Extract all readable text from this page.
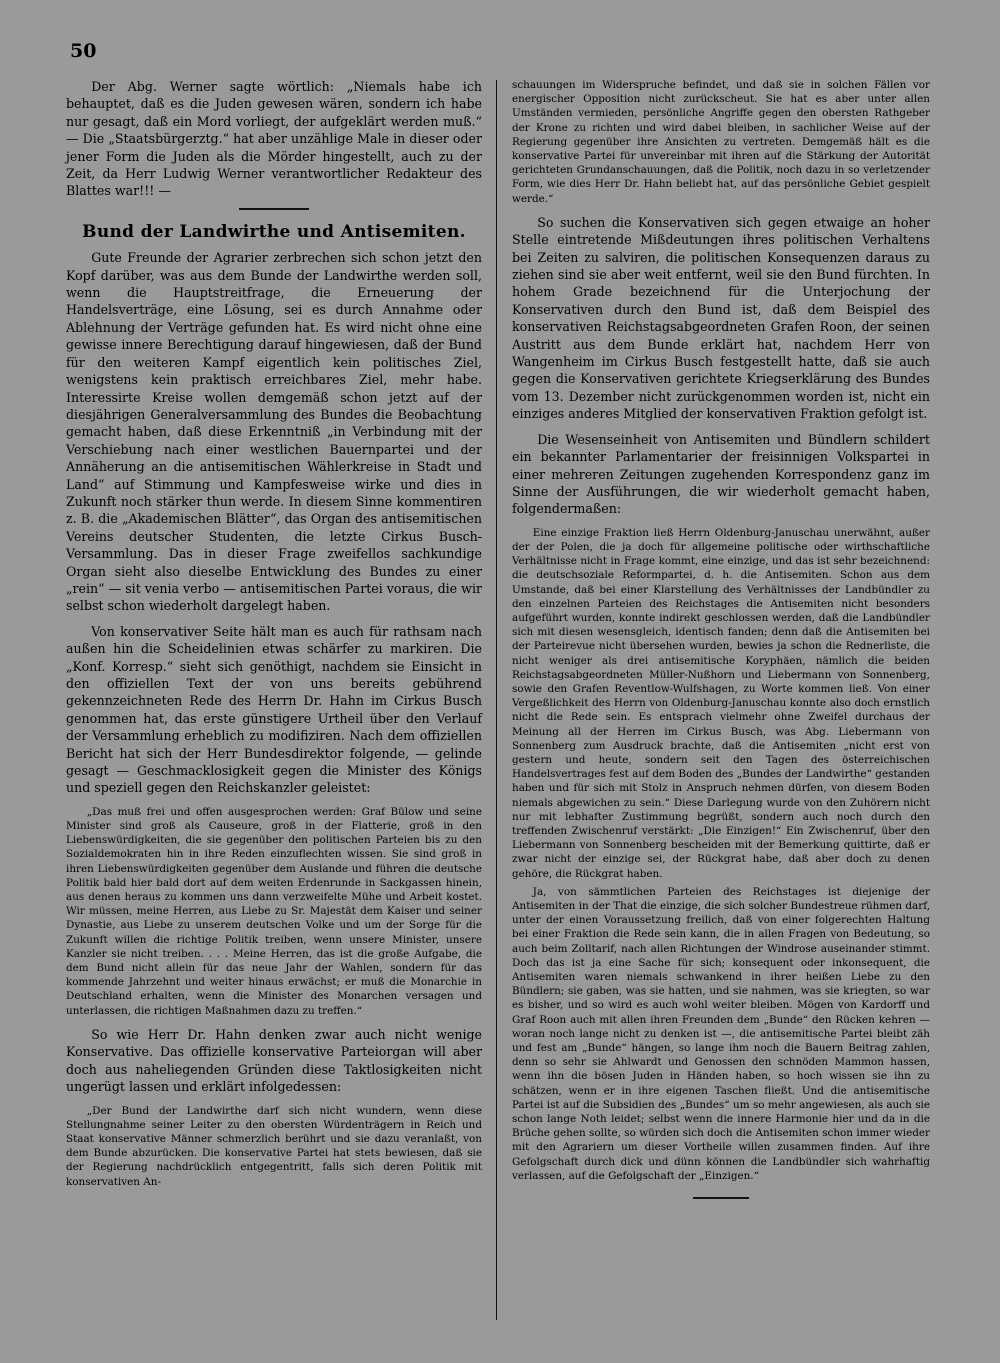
50

Der Abg. Werner sagte wörtlich: „Niemals habe ich behauptet, daß es die Juden gewesen wären, sondern ich habe nur gesagt, daß ein Mord vorliegt, der aufgeklärt werden muß.“ — Die „Staatsbürgerztg.“ hat aber unzählige Male in dieser oder jener Form die Juden als die Mörder hingestellt, auch zu der Zeit, da Herr Ludwig Werner verantwortlicher Redakteur des Blattes war!!! —

Bund der Landwirthe und Antisemiten.

Gute Freunde der Agrarier zerbrechen sich schon jetzt den Kopf darüber, was aus dem Bunde der Landwirthe werden soll, wenn die Hauptstreitfrage, die Erneuerung der Handelsverträge, eine Lösung, sei es durch Annahme oder Ablehnung der Verträge gefunden hat. Es wird nicht ohne eine gewisse innere Berechtigung darauf hingewiesen, daß der Bund für den weiteren Kampf eigentlich kein politisches Ziel, wenigstens kein praktisch erreichbares Ziel, mehr habe. Interessirte Kreise wollen demgemäß schon jetzt auf der diesjährigen Generalversammlung des Bundes die Beobachtung gemacht haben, daß diese Erkenntniß „in Verbindung mit der Verschiebung nach einer westlichen Bauernpartei und der Annäherung an die antisemitischen Wählerkreise in Stadt und Land“ auf Stimmung und Kampfesweise wirke und dies in Zukunft noch stärker thun werde. In diesem Sinne kommentiren z. B. die „Akademischen Blätter“, das Organ des antisemitischen Vereins deutscher Studenten, die letzte Cirkus Busch-Versammlung. Das in dieser Frage zweifellos sachkundige Organ sieht also dieselbe Entwicklung des Bundes zu einer „rein“ — sit venia verbo — antisemitischen Partei voraus, die wir selbst schon wiederholt dargelegt haben.

Von konservativer Seite hält man es auch für rathsam nach außen hin die Scheidelinien etwas schärfer zu markiren. Die „Konf. Korresp.“ sieht sich genöthigt, nachdem sie Einsicht in den offiziellen Text der von uns bereits gebührend gekennzeichneten Rede des Herrn Dr. Hahn im Cirkus Busch genommen hat, das erste günstigere Urtheil über den Verlauf der Versammlung erheblich zu modifiziren. Nach dem offiziellen Bericht hat sich der Herr Bundesdirektor folgende, — gelinde gesagt — Geschmacklosigkeit gegen die Minister des Königs und speziell gegen den Reichskanzler geleistet:

„Das muß frei und offen ausgesprochen werden: Graf Bülow und seine Minister sind groß als Causeure, groß in der Flatterie, groß in den Liebenswürdigkeiten, die sie gegenüber den politischen Parteien bis zu den Sozialdemokraten hin in ihre Reden einzuflechten wissen. Sie sind groß in ihren Liebenswürdigkeiten gegenüber dem Auslande und führen die deutsche Politik bald hier bald dort auf dem weiten Erdenrunde in Sackgassen hinein, aus denen heraus zu kommen uns dann verzweifelte Mühe und Arbeit kostet. Wir müssen, meine Herren, aus Liebe zu Sr. Majestät dem Kaiser und seiner Dynastie, aus Liebe zu unserem deutschen Volke und um der Sorge für die Zukunft willen die richtige Politik treiben, wenn unsere Minister, unsere Kanzler sie nicht treiben. . . . Meine Herren, das ist die große Aufgabe, die dem Bund nicht allein für das neue Jahr der Wahlen, sondern für das kommende Jahrzehnt und weiter hinaus erwächst; er muß die Monarchie in Deutschland erhalten, wenn die Minister des Monarchen versagen und unterlassen, die richtigen Maßnahmen dazu zu treffen.“

So wie Herr Dr. Hahn denken zwar auch nicht wenige Konservative. Das offizielle konservative Parteiorgan will aber doch aus naheliegenden Gründen diese Taktlosigkeiten nicht ungerügt lassen und erklärt infolgedessen:

„Der Bund der Landwirthe darf sich nicht wundern, wenn diese Stellungnahme seiner Leiter zu den obersten Würdenträgern in Reich und Staat konservative Männer schmerzlich berührt und sie dazu veranlaßt, von dem Bunde abzurücken. Die konservative Partei hat stets bewiesen, daß sie der Regierung nachdrücklich entgegentritt, falls sich deren Politik mit konservativen An-

schauungen im Widerspruche befindet, und daß sie in solchen Fällen vor energischer Opposition nicht zurückscheut. Sie hat es aber unter allen Umständen vermieden, persönliche Angriffe gegen den obersten Rathgeber der Krone zu richten und wird dabei bleiben, in sachlicher Weise auf der Regierung gegenüber ihre Ansichten zu vertreten. Demgemäß hält es die konservative Partei für unvereinbar mit ihren auf die Stärkung der Autorität gerichteten Grundanschauungen, daß die Politik, noch dazu in so verletzender Form, wie dies Herr Dr. Hahn beliebt hat, auf das persönliche Gebiet gespielt werde.“

So suchen die Konservativen sich gegen etwaige an hoher Stelle eintretende Mißdeutungen ihres politischen Verhaltens bei Zeiten zu salviren, die politischen Konsequenzen daraus zu ziehen sind sie aber weit entfernt, weil sie den Bund fürchten. In hohem Grade bezeichnend für die Unterjochung der Konservativen durch den Bund ist, daß dem Beispiel des konservativen Reichstagsabgeordneten Grafen Roon, der seinen Austritt aus dem Bunde erklärt hat, nachdem Herr von Wangenheim im Cirkus Busch festgestellt hatte, daß sie auch gegen die Konservativen gerichtete Kriegserklärung des Bundes vom 13. Dezember nicht zurückgenommen worden ist, nicht ein einziges anderes Mitglied der konservativen Fraktion gefolgt ist.

Die Wesenseinheit von Antisemiten und Bündlern schildert ein bekannter Parlamentarier der freisinnigen Volkspartei in einer mehreren Zeitungen zugehenden Korrespondenz ganz im Sinne der Ausführungen, die wir wiederholt gemacht haben, folgendermaßen:

Eine einzige Fraktion ließ Herrn Oldenburg-Januschau unerwähnt, außer der der Polen, die ja doch für allgemeine politische oder wirthschaftliche Verhältnisse nicht in Frage kommt, eine einzige, und das ist sehr bezeichnend: die deutschsoziale Reformpartei, d. h. die Antisemiten. Schon aus dem Umstande, daß bei einer Klarstellung des Verhältnisses der Landbündler zu den einzelnen Parteien des Reichstages die Antisemiten nicht besonders aufgeführt wurden, konnte indirekt geschlossen werden, daß die Landbündler sich mit diesen wesensgleich, identisch fanden; denn daß die Antisemiten bei der Parteirevue nicht übersehen wurden, bewies ja schon die Rednerliste, die nicht weniger als drei antisemitische Koryphäen, nämlich die beiden Reichstagsabgeordneten Müller-Nußhorn und Liebermann von Sonnenberg, sowie den Grafen Reventlow-Wulfshagen, zu Worte kommen ließ. Von einer Vergeßlichkeit des Herrn von Oldenburg-Januschau konnte also doch ernstlich nicht die Rede sein. Es entsprach vielmehr ohne Zweifel durchaus der Meinung all der Herren im Cirkus Busch, was Abg. Liebermann von Sonnenberg zum Ausdruck brachte, daß die Antisemiten „nicht erst von gestern und heute, sondern seit den Tagen des österreichischen Handelsvertrages fest auf dem Boden des „Bundes der Landwirthe“ gestanden haben und für sich mit Stolz in Anspruch nehmen dürfen, von diesem Boden niemals abgewichen zu sein.“ Diese Darlegung wurde von den Zuhörern nicht nur mit lebhafter Zustimmung begrüßt, sondern auch noch durch den treffenden Zwischenruf verstärkt: „Die Einzigen!“ Ein Zwischenruf, über den Liebermann von Sonnenberg bescheiden mit der Bemerkung quittirte, daß er zwar nicht der einzige sei, der Rückgrat habe, daß aber doch zu denen gehöre, die Rückgrat haben.

Ja, von sämmtlichen Parteien des Reichstages ist diejenige der Antisemiten in der That die einzige, die sich solcher Bundestreue rühmen darf, unter der einen Voraussetzung freilich, daß von einer folgerechten Haltung bei einer Fraktion die Rede sein kann, die in allen Fragen von Bedeutung, so auch beim Zolltarif, nach allen Richtungen der Windrose auseinander stimmt. Doch das ist ja eine Sache für sich; konsequent oder inkonsequent, die Antisemiten waren niemals schwankend in ihrer heißen Liebe zu den Bündlern; sie gaben, was sie hatten, und sie nahmen, was sie kriegten, so war es bisher, und so wird es auch wohl weiter bleiben. Mögen von Kardorff und Graf Roon auch mit allen ihren Freunden dem „Bunde“ den Rücken kehren — woran noch lange nicht zu denken ist —, die antisemitische Partei bleibt zäh und fest am „Bunde“ hängen, so lange ihm noch die Bauern Beitrag zahlen, denn so sehr sie Ahlwardt und Genossen den schnöden Mammon hassen, wenn ihn die bösen Juden in Händen haben, so hoch wissen sie ihn zu schätzen, wenn er in ihre eigenen Taschen fließt. Und die antisemitische Partei ist auf die Subsidien des „Bundes“ um so mehr angewiesen, als auch sie schon lange Noth leidet; selbst wenn die innere Harmonie hier und da in die Brüche gehen sollte, so würden sich doch die Antisemiten schon immer wieder mit den Agrariern um dieser Vortheile willen zusammen finden. Auf ihre Gefolgschaft durch dick und dünn können die Landbündler sich wahrhaftig verlassen, auf die Gefolgschaft der „Einzigen.“
